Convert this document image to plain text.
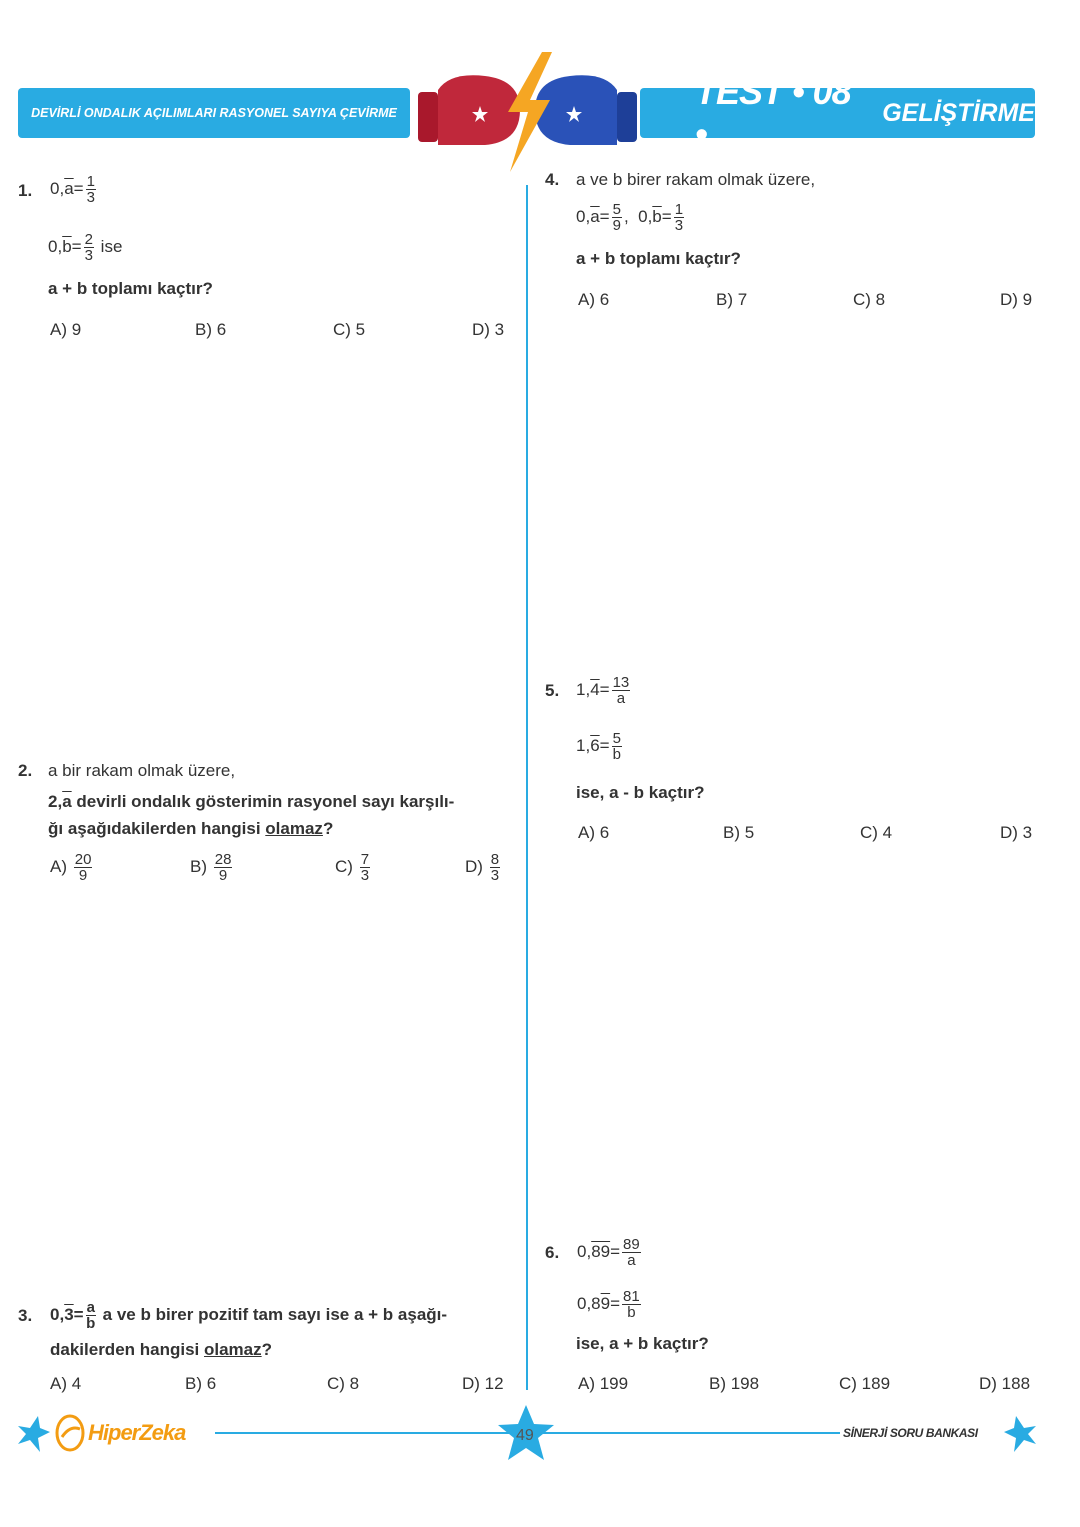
DEVİRLİ ONDALIK AÇILIMLARI RASYONEL SAYIYA ÇEVİRME
TEST • 08 •
GELİŞTİRME
1. $0,\overline{a}= \frac{1}{3}$
$0,\overline{b}= \frac{2}{3}$ ise
a + b toplamı kaçtır?
A) 9	B) 6	C) 5	D) 3
2. a bir rakam olmak üzere,
$2,\overline{a}$ devirli ondalık gösterimin rasyonel sayı karşılı-
ğı aşağıdakilerden hangisi olamaz?
$A) \frac{20}{9}$	$B) \frac{28}{9}$	$C) \frac{7}{3}$	$D) \frac{8}{3}$
3. $0,3= \frac{a}{b}$ a ve b birer pozitif tam sayı ise a + b aşağı-
dakilerden hangisi olamaz?
A) 4	B) 6	C) 8	D) 12
4. a ve b birer rakam olmak üzere,
$0,\overline{a}= \frac{5}{9}$ ,  $0,\overline{b}= \frac{1}{3}$
a + b toplamı kaçtır?
A) 6	B) 7	C) 8	D) 9
5. $1,4= \frac{13}{a}$
$1,6= \frac{5}{b}$
ise, a - b kaçtır?
A) 6	B) 5	C) 4	D) 3
6. $0,89= \frac{89}{a}$
$0,89= \frac{81}{b}$
ise, a + b kaçtır?
A) 199	B) 198	C) 189	D) 188
HiperZeka	49	SİNERJİ SORU BANKASI
